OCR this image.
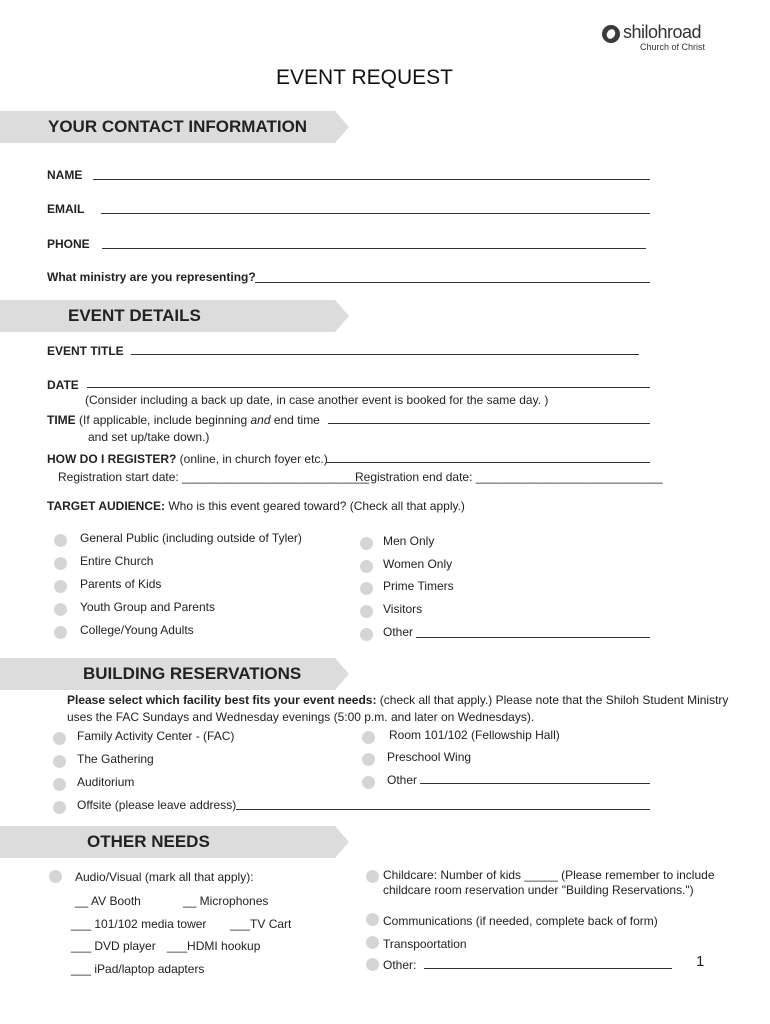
shilohroad
Church of Christ
EVENT REQUEST
YOUR CONTACT INFORMATION
NAME
EMAIL
PHONE
What ministry are you representing?
EVENT DETAILS
EVENT TITLE
DATE
(Consider including a back up date, in case another event is booked for the same day. )
TIME (If applicable, include beginning and end time
and set up/take down.)
HOW DO I REGISTER? (online, in church foyer etc.)
Registration start date: ____________________________
Registration end date: ____________________________
TARGET AUDIENCE: Who is this event geared toward? (Check all that apply.)
General Public (including outside of Tyler)
Entire Church
Parents of Kids
Youth Group and Parents
College/Young Adults
Men Only
Women Only
Prime Timers
Visitors
Other
BUILDING RESERVATIONS
Please select which facility best fits your event needs: (check all that apply.) Please note that the Shiloh Student Ministry
uses the FAC Sundays and Wednesday evenings (5:00 p.m. and later on Wednesdays).
Family Activity Center - (FAC)
The Gathering
Auditorium
Offsite (please leave address)
Room 101/102 (Fellowship Hall)
Preschool Wing
Other
OTHER NEEDS
Audio/Visual (mark all that apply):
__ AV Booth	__ Microphones
___ 101/102 media tower ___TV Cart
___ DVD player ___HDMI hookup
___ iPad/laptop adapters
Childcare: Number of kids _____ (Please remember to include
childcare room reservation under "Building Reservations.")
Communications (if needed, complete back of form)
Transpoortation
Other:	1
